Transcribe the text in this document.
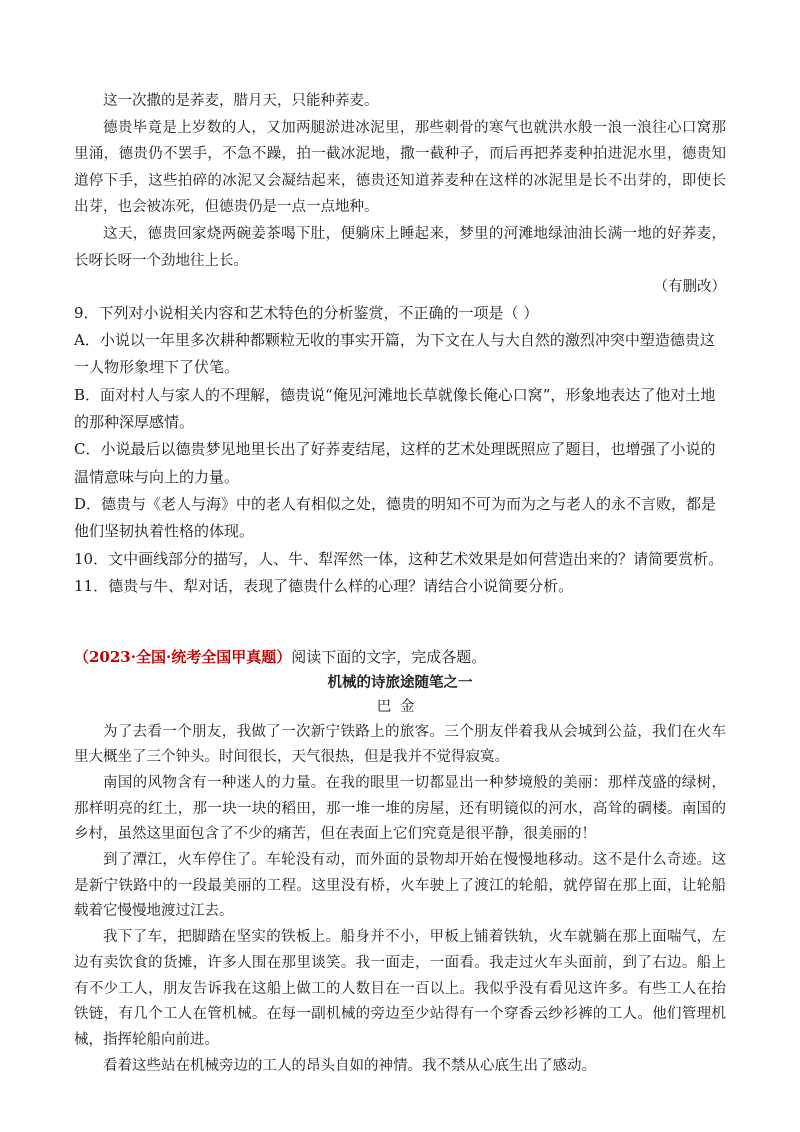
这一次撒的是荞麦，腊月天，只能种荞麦。

德贵毕竟是上岁数的人，又加两腿淤进冰泥里，那些刺骨的寒气也就洪水般一浪一浪往心口窝那里涌，德贵仍不罢手，不急不躁，拍一截冰泥地，撒一截种子，而后再把荞麦种拍进泥水里，德贵知道停下手，这些拍碎的冰泥又会凝结起来，德贵还知道荞麦种在这样的冰泥里是长不出芽的，即使长出芽，也会被冻死，但德贵仍是一点一点地种。

这天，德贵回家烧两碗姜茶喝下肚，便躺床上睡起来，梦里的河滩地绿油油长满一地的好荞麦，长呀长呀一个劲地往上长。

（有删改）

9．下列对小说相关内容和艺术特色的分析鉴赏，不正确的一项是（ ）

A．小说以一年里多次耕种都颗粒无收的事实开篇，为下文在人与大自然的激烈冲突中塑造德贵这一人物形象埋下了伏笔。

B．面对村人与家人的不理解，德贵说“俺见河滩地长草就像长俺心口窝”，形象地表达了他对土地的那种深厚感情。

C．小说最后以德贵梦见地里长出了好荞麦结尾，这样的艺术处理既照应了题目，也增强了小说的温情意味与向上的力量。

D．德贵与《老人与海》中的老人有相似之处，德贵的明知不可为而为之与老人的永不言败，都是他们坚韧执着性格的体现。

10．文中画线部分的描写，人、牛、犁浑然一体，这种艺术效果是如何营造出来的？请简要赏析。

11．德贵与牛、犁对话，表现了德贵什么样的心理？请结合小说简要分析。

（2023·全国·统考全国甲真题）阅读下面的文字，完成各题。

机械的诗旅途随笔之一

巴金

为了去看一个朋友，我做了一次新宁铁路上的旅客。三个朋友伴着我从会城到公益，我们在火车里大概坐了三个钟头。时间很长，天气很热，但是我并不觉得寂寞。

南国的风物含有一种迷人的力量。在我的眼里一切都显出一种梦境般的美丽：那样茂盛的绿树，那样明亮的红土，那一块一块的稻田，那一堆一堆的房屋，还有明镜似的河水，高耸的碉楼。南国的乡村，虽然这里面包含了不少的痛苦，但在表面上它们究竟是很平静，很美丽的！

到了潭江，火车停住了。车轮没有动，而外面的景物却开始在慢慢地移动。这不是什么奇迹。这是新宁铁路中的一段最美丽的工程。这里没有桥，火车驶上了渡江的轮船，就停留在那上面，让轮船载着它慢慢地渡过江去。

我下了车，把脚踏在坚实的铁板上。船身并不小，甲板上铺着铁轨，火车就躺在那上面喘气，左边有卖饮食的货摊，许多人围在那里谈笑。我一面走，一面看。我走过火车头面前，到了右边。船上有不少工人，朋友告诉我在这船上做工的人数目在一百以上。我似乎没有看见这许多。有些工人在抬铁链，有几个工人在管机械。在每一副机械的旁边至少站得有一个穿香云纱衫裤的工人。他们管理机械，指挥轮船向前进。

看着这些站在机械旁边的工人的昂头自如的神情。我不禁从心底生出了感动。
